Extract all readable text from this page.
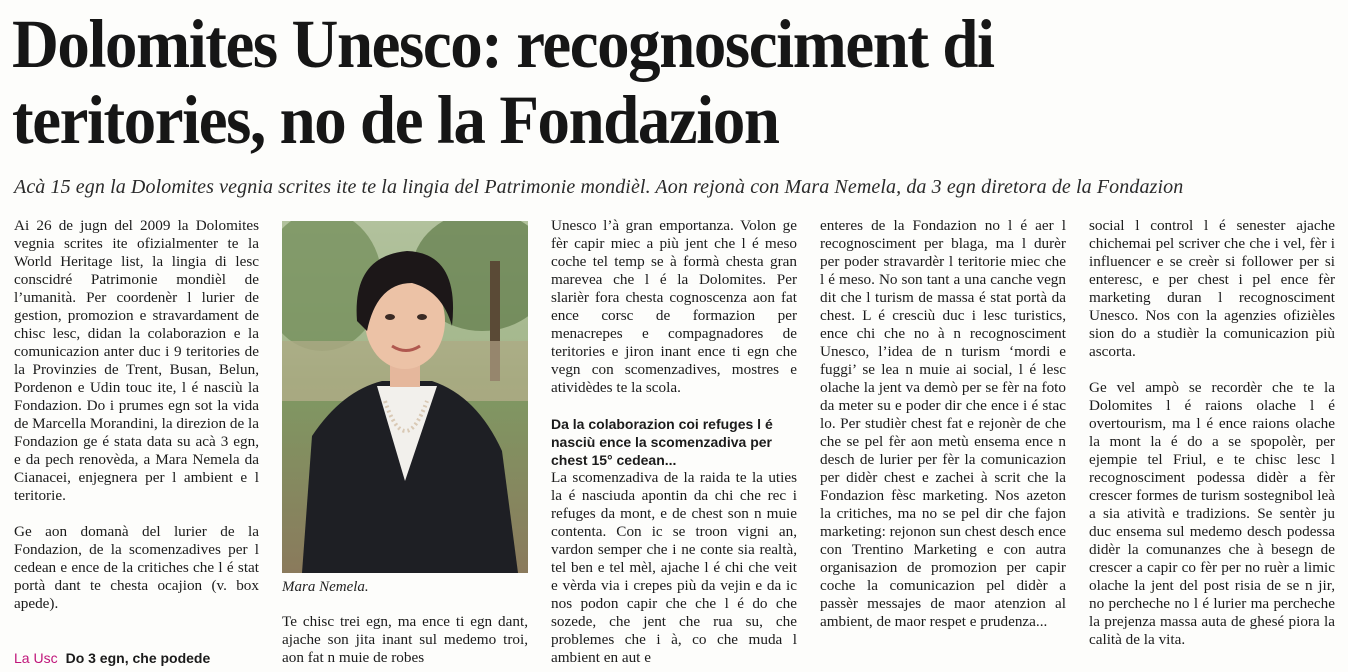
Dolomites Unesco: recognosciment di
teritories, no de la Fondazion

Acà 15 egn la Dolomites vegnia scrites ite te la lingia del Patrimonie mondièl. Aon rejonà con Mara Nemela, da 3 egn diretora de la Fondazion

Ai 26 de jugn del 2009 la Dolomites vegnia scrites ite ofizialmenter te la World Heritage list, la lingia di lesc conscidré Patrimonie mondièl de l’umanità. Per coordenèr l lurier de gestion, promozion e stravardament de chisc lesc, didan la colaborazion e la comunicazion anter duc i 9 teritories de la Provinzies de Trent, Busan, Belun, Pordenon e Udin touc ite, l é nasciù la Fondazion. Do i prumes egn sot la vida de Marcella Morandini, la direzion de la Fondazion ge é stata data su acà 3 egn, e da pech renovèda, a Mara Nemela da Cianacei, enjegnera per l ambient e l teritorie.

Ge aon domanà del lurier de la Fondazion, de la scomenzadives per l cedean e ence de la critiches che l é stat portà dant te chesta ocajion (v. box apede).

La Usc Do 3 egn, che podede
Mara Nemela.

Te chisc trei egn, ma ence ti egn dant, ajache son jita inant sul medemo troi, aon fat n muie de robes

Unesco l’à gran emportanza. Volon ge fèr capir miec a più jent che l é meso coche tel temp se à formà chesta gran marevea che l é la Dolomites. Per slarièr fora chesta cognoscenza aon fat ence corsc de formazion per menacrepes e compagnadores de teritories e jiron inant ence ti egn che vegn con scomenzadives, mostres e atividèdes te la scola.

Da la colaborazion coi refuges l é nasciù ence la scomenzadiva per chest 15° cedean...

La scomenzadiva de la raida te la uties la é nasciuda apontin da chi che rec i refuges da mont, e de chest son n muie contenta. Con ic se troon vigni an, vardon semper che i ne conte sia realtà, tel ben e tel mèl, ajache l é chi che veit e vèrda via i crepes più da vejin e da ic nos podon capir che che l é do che sozede, che jent che rua su, che problemes che i à, co che muda l ambient en aut e

enteres de la Fondazion no l é aer l recognosciment per blaga, ma l durèr per poder stravardèr l teritorie miec che l é meso. No son tant a una canche vegn dit che l turism de massa é stat portà da chest. L é cresciù duc i lesc turistics, ence chi che no à n recognosciment Unesco, l’idea de n turism ‘mordi e fuggi’ se lea n muie ai social, l é lesc olache la jent va demò per se fèr na foto da meter su e poder dir che ence i é stac lo. Per studièr chest fat e rejonèr de che che se pel fèr aon metù ensema ence n desch de lurier per fèr la comunicazion per didèr chest e zachei à scrit che la Fondazion fèsc marketing. Nos azeton la critiches, ma no se pel dir che fajon marketing: rejonon sun chest desch ence con Trentino Marketing e con autra organisazion de promozion per capir coche la comunicazion pel didèr a passèr messajes de maor atenzion al ambient, de maor respet e prudenza...

social l control l é senester ajache chichemai pel scriver che che i vel, fèr i influencer e se creèr si follower per si enteresc, e per chest i pel ence fèr marketing duran l recognosciment Unesco. Nos con la agenzies ofizièles sion do a studièr la comunicazion più ascorta.

Ge vel ampò se recordèr che te la Dolomites l é raions olache l é overtourism, ma l é ence raions olache la mont la é do a se spopolèr, per ejempie tel Friul, e te chisc lesc l recognosciment podessa didèr a fèr crescer formes de turism sostegnibol leà a sia atività e tradizions. Se sentèr ju duc ensema sul medemo desch podessa didèr la comunanzes che à besegn de crescer a capir co fèr per no ruèr a limic olache la jent del post risia de se n jir, no percheche no l é lurier ma percheche la prejenza massa auta de ghesé piora la calità de la vita.
